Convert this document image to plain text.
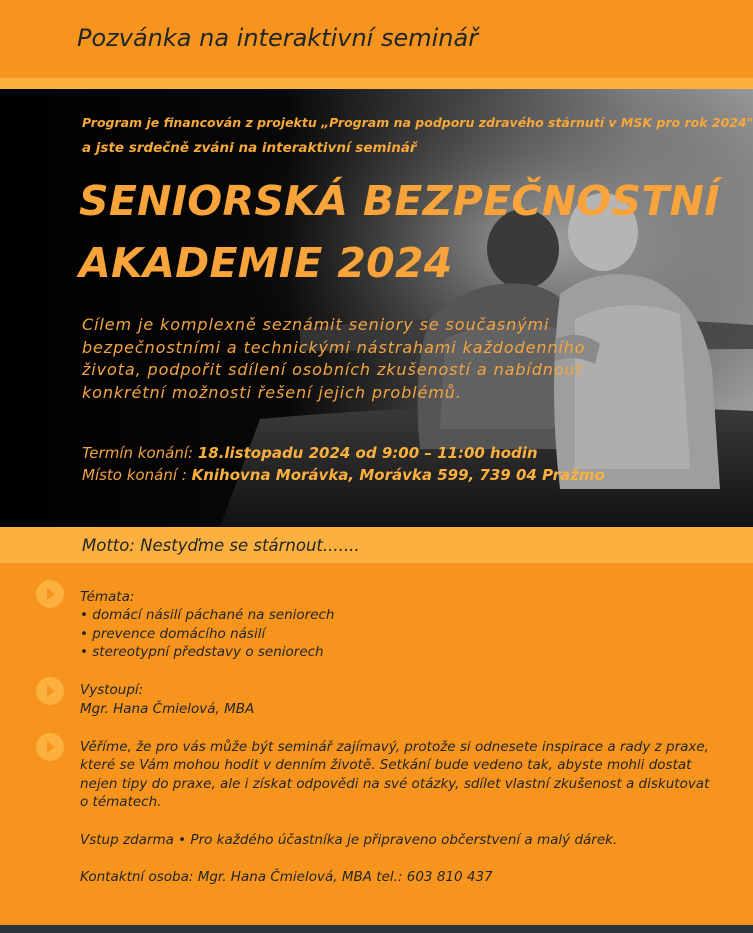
Pozvánka na interaktivní seminář
Program je financován z projektu „Program na podporu zdravého stárnutí v MSK pro rok 2024"
a jste srdečně zváni na interaktivní seminář
SENIORSKÁ BEZPEČNOSTNÍ
AKADEMIE 2024
Cílem je komplexně seznámit seniory se současnými
bezpečnostními a technickými nástrahami každodenního
života, podpořit sdílení osobních zkušeností a nabídnout
konkrétní možnosti řešení jejich problémů.
Termín konání: 18.listopadu 2024 od 9:00 – 11:00 hodin
Místo konání : Knihovna Morávka, Morávka 599, 739 04 Pražmo
Motto: Nestyďme se stárnout.......
Témata:
• domácí násilí páchané na seniorech
• prevence domácího násilí
• stereotypní představy o seniorech
Vystoupí:
Mgr. Hana Čmielová, MBA
Věříme, že pro vás může být seminář zajímavý, protože si odnesete inspirace a rady z praxe,
které se Vám mohou hodit v denním životě. Setkání bude vedeno tak, abyste mohli dostat
nejen tipy do praxe, ale i získat odpovědi na své otázky, sdílet vlastní zkušenost a diskutovat
o tématech.
Vstup zdarma • Pro každého účastníka je připraveno občerstvení a malý dárek.
Kontaktní osoba: Mgr. Hana Čmielová, MBA tel.: 603 810 437
